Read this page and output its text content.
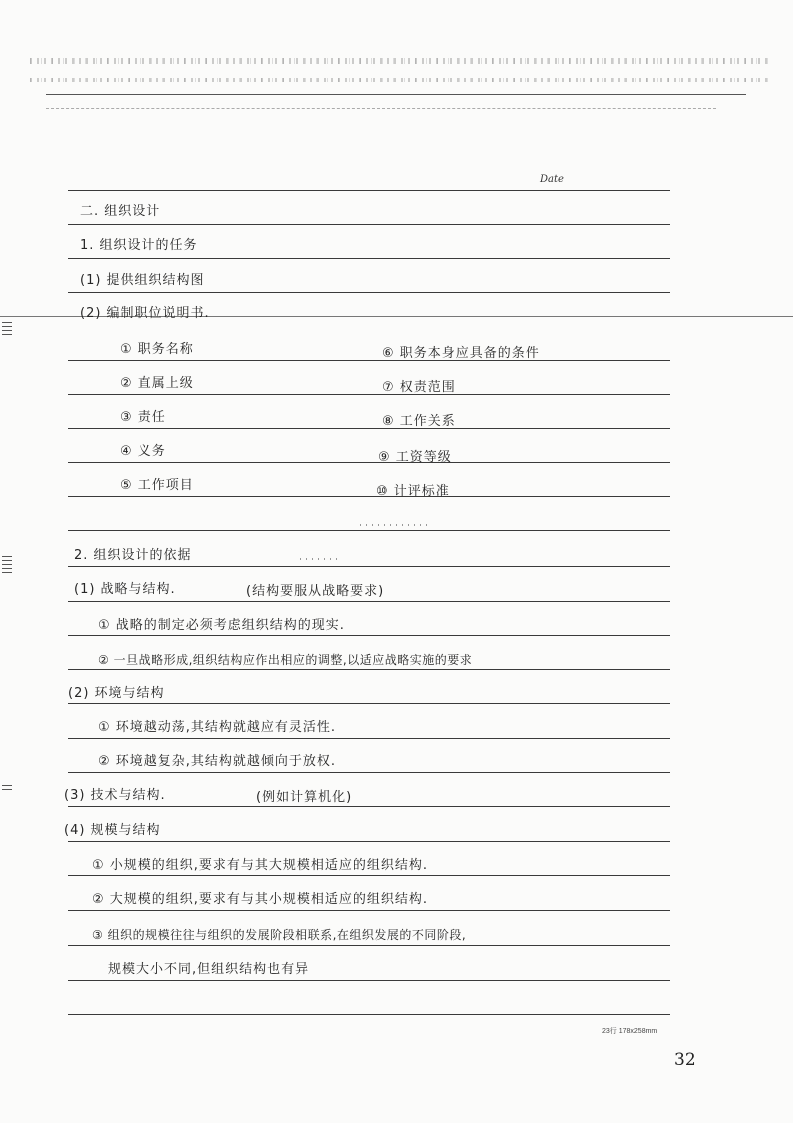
Date
二. 组织设计
1. 组织设计的任务
(1) 提供组织结构图
(2) 编制职位说明书.
① 职务名称
② 直属上级
③ 责任
④ 义务
⑤ 工作项目
⑥ 职务本身应具备的条件
⑦ 权责范围
⑧ 工作关系
⑨ 工资等级
⑩ 计评标准
2. 组织设计的依据
(1) 战略与结构.	(结构要服从战略要求)
① 战略的制定必须考虑组织结构的现实.
② 一旦战略形成,组织结构应作出相应的调整,以适应战略实施的要求
(2) 环境与结构
① 环境越动荡,其结构就越应有灵活性.
② 环境越复杂,其结构就越倾向于放权.
(3) 技术与结构.	(例如计算机化)
(4) 规模与结构
① 小规模的组织,要求有与其大规模相适应的组织结构.
② 大规模的组织,要求有与其小规模相适应的组织结构.
③ 组织的规模往往与组织的发展阶段相联系,在组织发展的不同阶段,
规模大小不同,但组织结构也有异
23行 178x258mm
32
